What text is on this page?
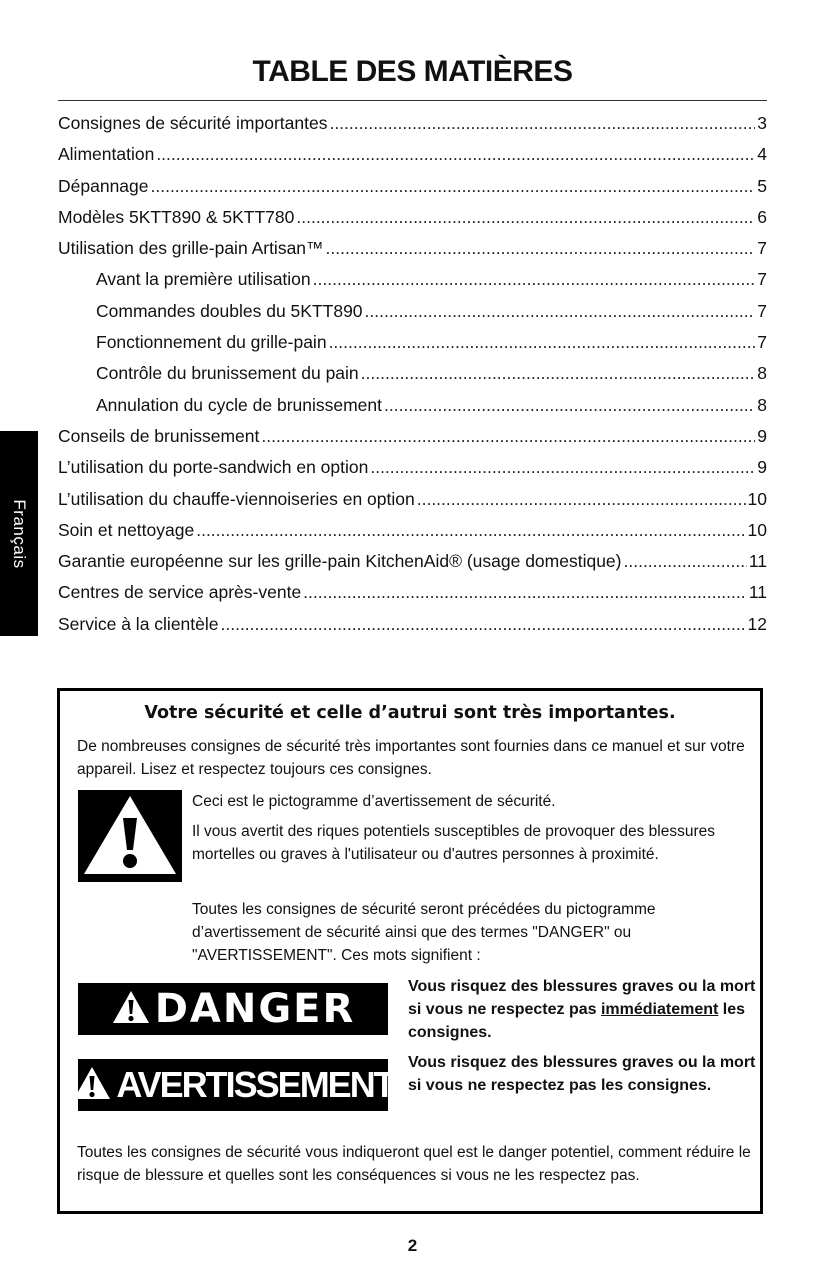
TABLE DES MATIÈRES
Consignes de sécurité importantes .....	3
Alimentation .....	4
Dépannage .....	5
Modèles 5KTT890 & 5KTT780 .....	6
Utilisation des grille-pain Artisan™ .....	7
Avant la première utilisation .....	7
Commandes doubles du 5KTT890 .....	7
Fonctionnement du grille-pain .....	7
Contrôle du brunissement du pain .....	8
Annulation du cycle de brunissement .....	8
Conseils de brunissement .....	9
L’utilisation du porte-sandwich en option .....	9
L’utilisation du chauffe-viennoiseries en option .....	10
Soin et nettoyage .....	10
Garantie européenne sur les grille-pain KitchenAid® (usage domestique) .....	11
Centres de service après-vente .....	11
Service à la clientèle .....	12
Français
Votre sécurité et celle d’autrui sont très importantes.
De nombreuses consignes de sécurité très importantes sont fournies dans ce manuel et sur votre appareil. Lisez et respectez toujours ces consignes.
Ceci est le pictogramme d’avertissement de sécurité.
Il vous avertit des riques potentiels susceptibles de provoquer des blessures mortelles ou graves à l'utilisateur ou d'autres personnes à proximité.
Toutes les consignes de sécurité seront précédées du pictogramme d’avertissement de sécurité ainsi que des termes "DANGER" ou "AVERTISSEMENT". Ces mots signifient :
DANGER	Vous risquez des blessures graves ou la mort si vous ne respectez pas immédiatement les consignes.
AVERTISSEMENT
Vous risquez des blessures graves ou la mort si vous ne respectez pas les consignes.
Toutes les consignes de sécurité vous indiqueront quel est le danger potentiel, comment réduire le risque de blessure et quelles sont les conséquences si vous ne les respectez pas.
2
